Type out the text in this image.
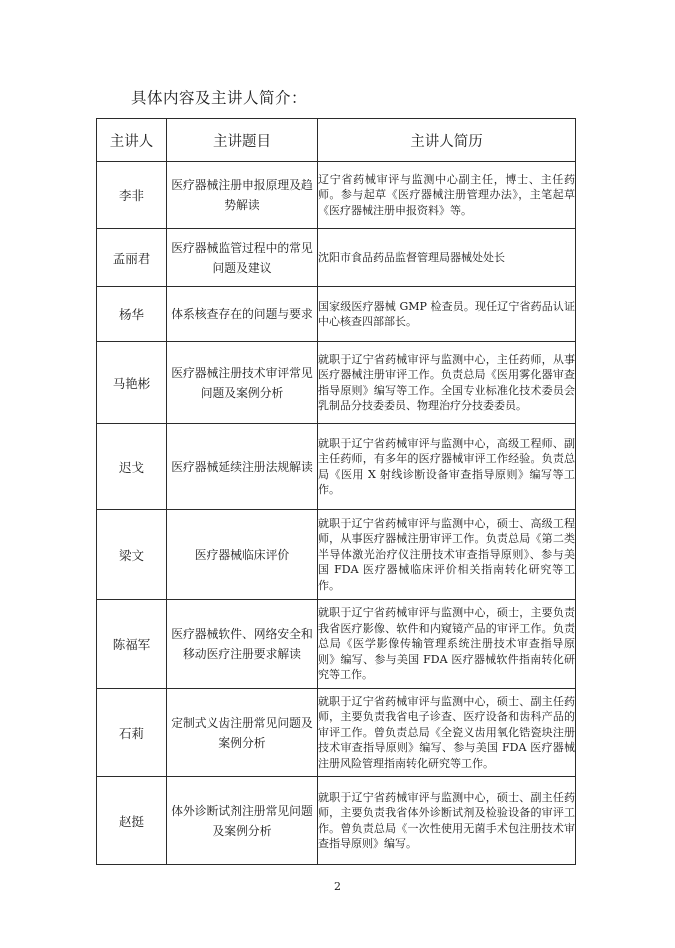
具体内容及主讲人简介：
主讲人	主讲题目	主讲人简历
李非	医疗器械注册申报原理及趋势解读	辽宁省药械审评与监测中心副主任，博士、主任药师。参与起草《医疗器械注册管理办法》，主笔起草《医疗器械注册申报资料》等。
孟丽君	医疗器械监管过程中的常见问题及建议	沈阳市食品药品监督管理局器械处处长
杨华	体系核查存在的问题与要求	国家级医疗器械 GMP 检查员。现任辽宁省药品认证中心核查四部部长。
马艳彬	医疗器械注册技术审评常见问题及案例分析	就职于辽宁省药械审评与监测中心，主任药师，从事医疗器械注册审评工作。负责总局《医用雾化器审查指导原则》编写等工作。全国专业标准化技术委员会乳制品分技委委员、物理治疗分技委委员。
迟戈	医疗器械延续注册法规解读	就职于辽宁省药械审评与监测中心，高级工程师、副主任药师，有多年的医疗器械审评工作经验。负责总局《医用 X 射线诊断设备审查指导原则》编写等工作。
梁文	医疗器械临床评价	就职于辽宁省药械审评与监测中心，硕士、高级工程师，从事医疗器械注册审评工作。负责总局《第二类半导体激光治疗仪注册技术审查指导原则》、参与美国 FDA 医疗器械临床评价相关指南转化研究等工作。
陈福军	医疗器械软件、网络安全和移动医疗注册要求解读	就职于辽宁省药械审评与监测中心，硕士，主要负责我省医疗影像、软件和内窥镜产品的审评工作。负责总局《医学影像传输管理系统注册技术审查指导原则》编写、参与美国 FDA 医疗器械软件指南转化研究等工作。
石莉	定制式义齿注册常见问题及案例分析	就职于辽宁省药械审评与监测中心，硕士、副主任药师，主要负责我省电子诊查、医疗设备和齿科产品的审评工作。曾负责总局《全瓷义齿用氧化锆瓷块注册技术审查指导原则》编写、参与美国 FDA 医疗器械注册风险管理指南转化研究等工作。
赵挺	体外诊断试剂注册常见问题及案例分析	就职于辽宁省药械审评与监测中心，硕士、副主任药师，主要负责我省体外诊断试剂及检验设备的审评工作。曾负责总局《一次性使用无菌手术包注册技术审查指导原则》编写。
2
